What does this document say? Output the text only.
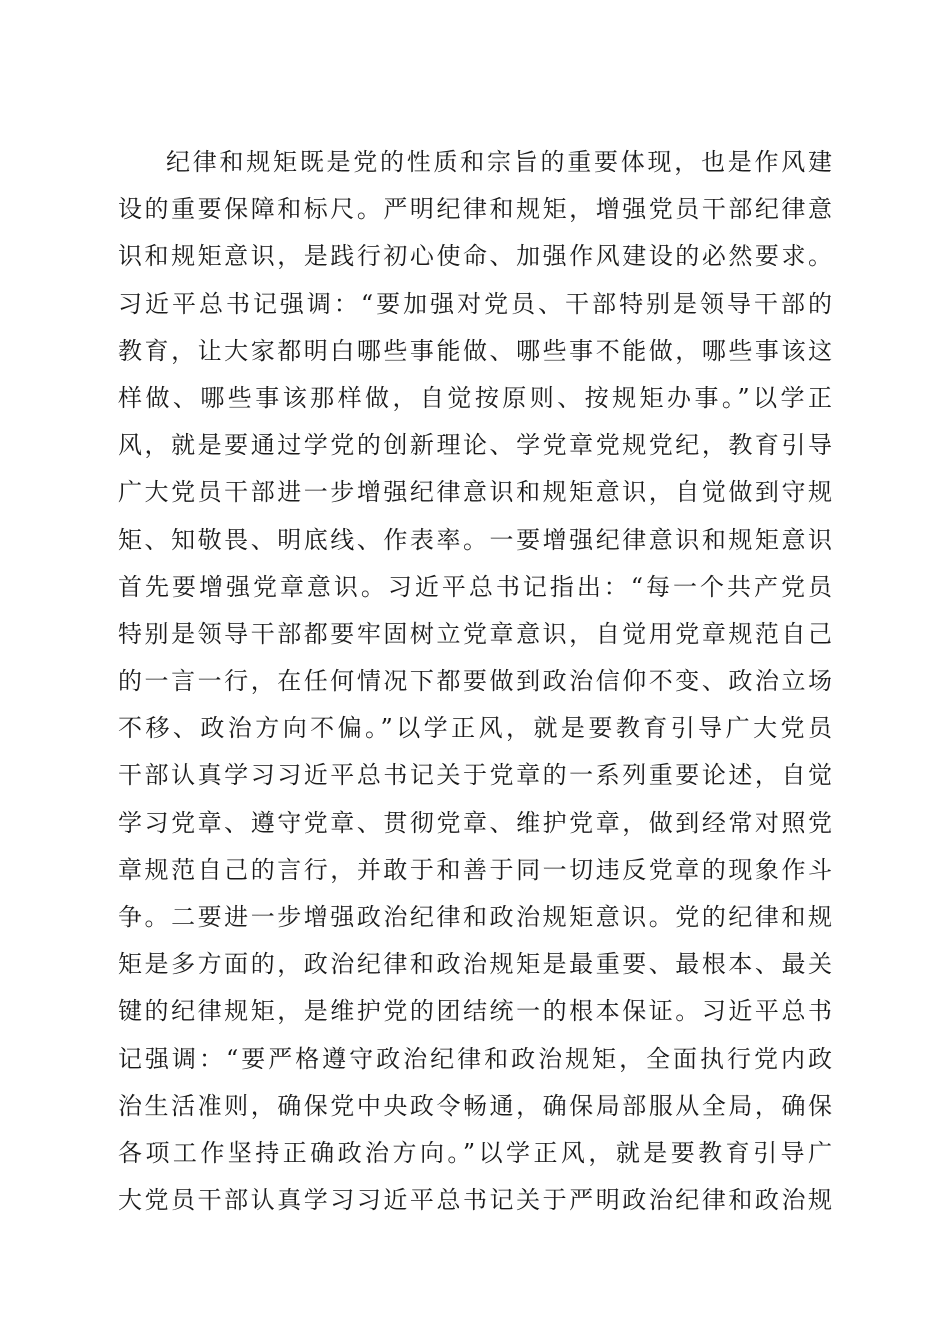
纪律和规矩既是党的性质和宗旨的重要体现，也是作风建
设的重要保障和标尺。严明纪律和规矩，增强党员干部纪律意
识和规矩意识，是践行初心使命、加强作风建设的必然要求。
习近平总书记强调：“要加强对党员、干部特别是领导干部的
教育，让大家都明白哪些事能做、哪些事不能做，哪些事该这
样做、哪些事该那样做，自觉按原则、按规矩办事。”以学正
风，就是要通过学党的创新理论、学党章党规党纪，教育引导
广大党员干部进一步增强纪律意识和规矩意识，自觉做到守规
矩、知敬畏、明底线、作表率。一要增强纪律意识和规矩意识
首先要增强党章意识。习近平总书记指出：“每一个共产党员
特别是领导干部都要牢固树立党章意识，自觉用党章规范自己
的一言一行，在任何情况下都要做到政治信仰不变、政治立场
不移、政治方向不偏。”以学正风，就是要教育引导广大党员
干部认真学习习近平总书记关于党章的一系列重要论述，自觉
学习党章、遵守党章、贯彻党章、维护党章，做到经常对照党
章规范自己的言行，并敢于和善于同一切违反党章的现象作斗
争。二要进一步增强政治纪律和政治规矩意识。党的纪律和规
矩是多方面的，政治纪律和政治规矩是最重要、最根本、最关
键的纪律规矩，是维护党的团结统一的根本保证。习近平总书
记强调：“要严格遵守政治纪律和政治规矩，全面执行党内政
治生活准则，确保党中央政令畅通，确保局部服从全局，确保
各项工作坚持正确政治方向。”以学正风，就是要教育引导广
大党员干部认真学习习近平总书记关于严明政治纪律和政治规
